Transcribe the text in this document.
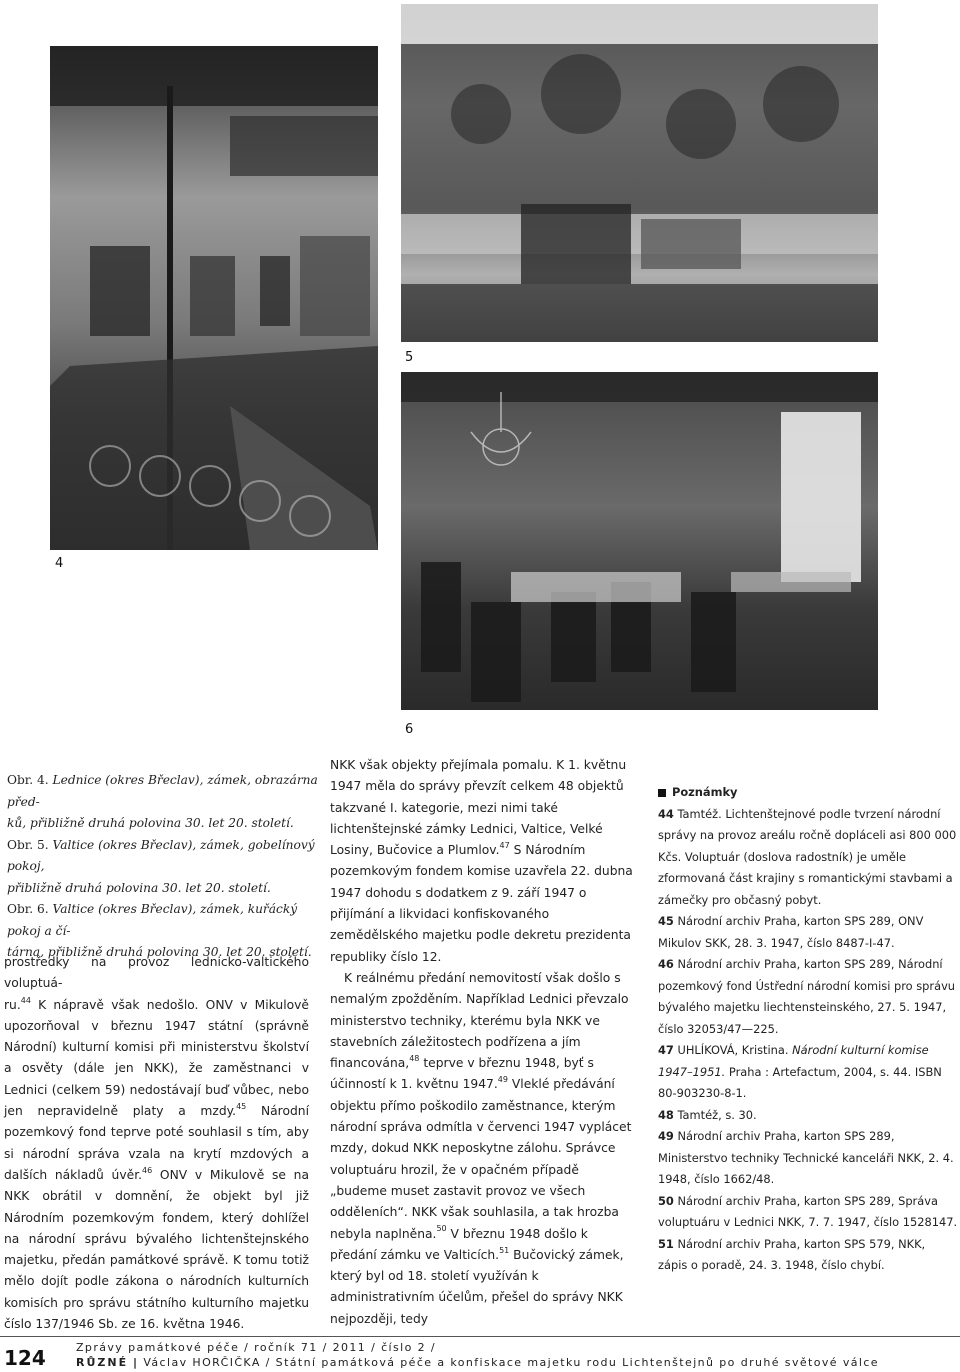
4
5
6

Obr. 4. Lednice (okres Břeclav), zámek, obrazárna před-
ků, přibližně druhá polovina 30. let 20. století.

Obr. 5. Valtice (okres Břeclav), zámek, gobelínový pokoj,
přibližně druhá polovina 30. let 20. století.

Obr. 6. Valtice (okres Břeclav), zámek, kuřácký pokoj a čí-
tárna, přibližně druhá polovina 30. let 20. století.

prostředky na provoz lednicko-valtického voluptuá-
ru.$^{44}$ K nápravě však nedošlo. ONV v Mikulově upozorňoval v březnu 1947 státní (správně Národní) kulturní komisi při ministerstvu školství a osvěty (dále jen NKK), že zaměstnanci v Lednici (celkem 59) nedostávají buď vůbec, nebo jen nepravidelně platy a mzdy.$^{45}$ Národní pozemkový fond teprve poté souhlasil s tím, aby si národní správa vzala na krytí mzdových a dalších nákladů úvěr.$^{46}$ ONV v Mikulově se na NKK obrátil v domnění, že objekt byl již Národním pozemkovým fondem, který dohlížel na národní správu bývalého lichtenštejnského majetku, předán památkové správě. K tomu totiž mělo dojít podle zákona o národních kulturních komisích pro správu státního kulturního majetku číslo 137/1946 Sb. ze 16. května 1946.

NKK však objekty přejímala pomalu. K 1. květnu 1947 měla do správy převzít celkem 48 objektů takzvané I. kategorie, mezi nimi také lichtenštejnské zámky Lednici, Valtice, Velké Losiny, Bučovice a Plumlov.$^{47}$ S Národním pozemkovým fondem komise uzavřela 22. dubna 1947 dohodu s dodatkem z 9. září 1947 o přijímání a likvidaci konfiskovaného zemědělského majetku podle dekretu prezidenta republiky číslo 12.

K reálnému předání nemovitostí však došlo s nemalým zpožděním. Například Lednici převzalo ministerstvo techniky, kterému byla NKK ve stavebních záležitostech podřízena a jím financována,$^{48}$ teprve v březnu 1948, byť s účinností k 1. květnu 1947.49 Vleklé předávání objektu přímo poškodilo zaměstnance, kterým národní správa odmítla v červenci 1947 vyplácet mzdy, dokud NKK neposkytne zálohu. Správce voluptuáru hrozil, že v opačném případě „budeme muset zastavit provoz ve všech odděleních“. NKK však souhlasila, a tak hrozba nebyla naplněna.$^{50}$ V březnu 1948 došlo k předání zámku ve Valticích.$^{51}$ Bučovický zámek, který byl od 18. století využíván k administrativním účelům, přešel do správy NKK nejpozději, tedy

Poznámky

44 Tamtéž. Lichtenštejnové podle tvrzení národní správy na provoz areálu ročně dopláceli asi 800 000 Kčs. Voluptuár (doslova radostník) je uměle zformovaná část krajiny s romantickými stavbami a zámečky pro občasný pobyt.

45 Národní archiv Praha, karton SPS 289, ONV Mikulov SKK, 28. 3. 1947, číslo 8487-I-47.

46 Národní archiv Praha, karton SPS 289, Národní pozemkový fond Ústřední národní komisi pro správu bývalého majetku liechtensteinského, 27. 5. 1947, číslo 32053/47—225.

47 UHLÍKOVÁ, Kristina. Národní kulturní komise 1947–1951. Praha : Artefactum, 2004, s. 44. ISBN 80-903230-8-1.

48 Tamtéž, s. 30.

49 Národní archiv Praha, karton SPS 289, Ministerstvo techniky Technické kanceláři NKK, 2. 4. 1948, číslo 1662/48.

50 Národní archiv Praha, karton SPS 289, Správa voluptuáru v Lednici NKK, 7. 7. 1947, číslo 1528147.

51 Národní archiv Praha, karton SPS 579, NKK, zápis o poradě, 24. 3. 1948, číslo chybí.

124	Zprávy památkové péče / ročník 71 / 2011 / číslo 2 /
RŮZNÉ | Václav HORČIČKA / Státní památková péče a konfiskace majetku rodu Lichtenštejnů po druhé světové válce
